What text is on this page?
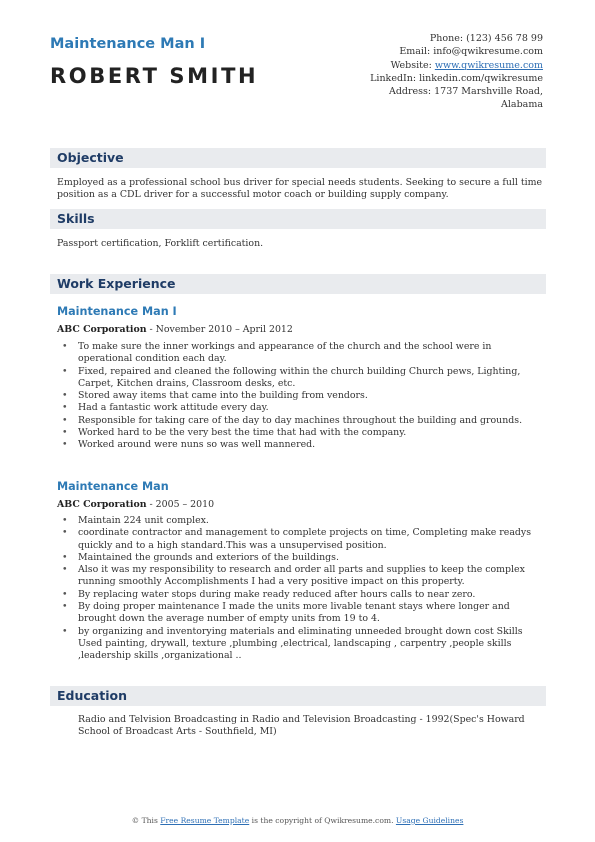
Maintenance Man I
ROBERT SMITH
Phone: (123) 456 78 99
Email: info@qwikresume.com
Website: www.qwikresume.com
LinkedIn: linkedin.com/qwikresume
Address: 1737 Marshville Road,
Alabama
Objective
Employed as a professional school bus driver for special needs students. Seeking to secure a full time position as a CDL driver for a successful motor coach or building supply company.
Skills
Passport certification, Forklift certification.
Work Experience
Maintenance Man I
ABC Corporation - November 2010 – April 2012
• To make sure the inner workings and appearance of the church and the school were in operational condition each day.
• Fixed, repaired and cleaned the following within the church building Church pews, Lighting, Carpet, Kitchen drains, Classroom desks, etc.
• Stored away items that came into the building from vendors.
• Had a fantastic work attitude every day.
• Responsible for taking care of the day to day machines throughout the building and grounds.
• Worked hard to be the very best the time that had with the company.
• Worked around were nuns so was well mannered.
Maintenance Man
ABC Corporation - 2005 – 2010
• Maintain 224 unit complex.
• coordinate contractor and management to complete projects on time, Completing make readys quickly and to a high standard.This was a unsupervised position.
• Maintained the grounds and exteriors of the buildings.
• Also it was my responsibility to research and order all parts and supplies to keep the complex running smoothly Accomplishments I had a very positive impact on this property.
• By replacing water stops during make ready reduced after hours calls to near zero.
• By doing proper maintenance I made the units more livable tenant stays where longer and brought down the average number of empty units from 19 to 4.
• by organizing and inventorying materials and eliminating unneeded brought down cost Skills Used painting, drywall, texture ,plumbing ,electrical, landscaping , carpentry ,people skills ,leadership skills ,organizational ..
Education
Radio and Telvision Broadcasting in Radio and Television Broadcasting - 1992(Spec's Howard School of Broadcast Arts - Southfield, MI)
© This Free Resume Template is the copyright of Qwikresume.com. Usage Guidelines
